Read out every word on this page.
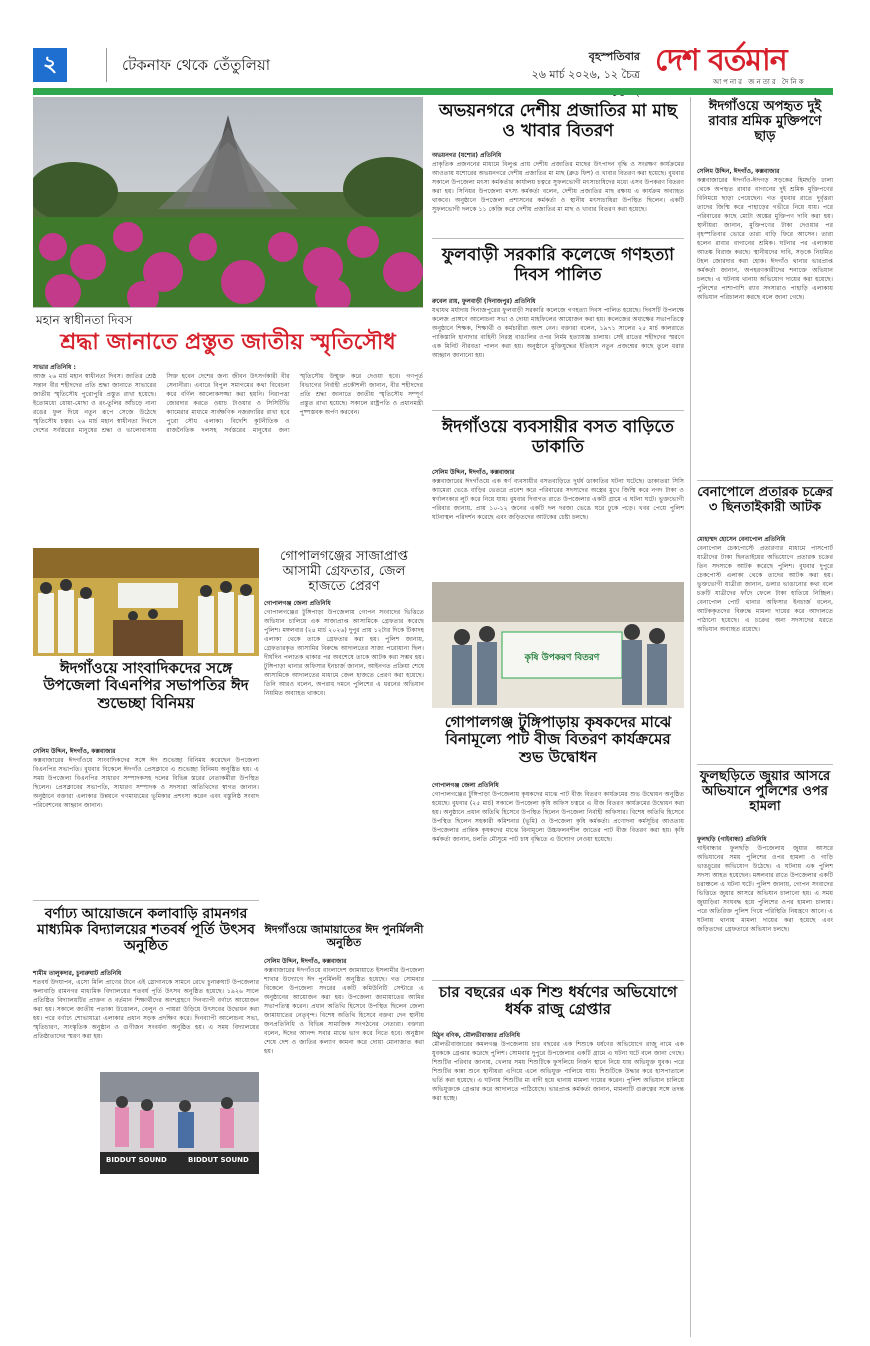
২	টেকনাফ থেকে তেঁতুলিয়া	বৃহস্পতিবার
২৬ মার্চ ২০২৬, ১২ চৈত্র দেশ বর্তমান
আপনার জনতার দৈনিক
মহান স্বাধীনতা দিবস
শ্রদ্ধা জানাতে প্রস্তুত জাতীয় স্মৃতিসৌধ
সাভার প্রতিনিধি :
আজ ২৬ মার্চ মহান স্বাধীনতা দিবস। জাতির শ্রেষ্ঠ সন্তান বীর শহীদদের প্রতি শ্রদ্ধা জানাতে সাভারের জাতীয় স্মৃতিসৌধ পুরোপুরি প্রস্তুত রাখা হয়েছে। ইতোমধ্যে ধোয়া-মোছা ও রং-তুলির আঁচড়ে নানা রঙের ফুল দিয়ে নতুন রূপে সেজে উঠেছে স্মৃতিসৌধ চত্বর। ২৬ মার্চ মহান স্বাধীনতা দিবসে দেশের সর্বস্তরের মানুষের শ্রদ্ধা ও ভালোবাসায় সিক্ত হবেন দেশের জন্য জীবন উৎসর্গকারী বীর সেনানীরা। এবারে বিপুল সমাগমের কথা বিবেচনা করে বর্ণিল আলোকসজ্জা করা হয়নি। নিরাপত্তা জোরদার করতে ওয়াচ টাওয়ার ও সিসিটিভি ক্যামেরার মাধ্যমে সার্বক্ষণিক নজরদারির রাখা হবে পুরো সৌধ এলাকা। বিদেশি কূটনীতিক ও রাজনৈতিক দলসহ সর্বস্তরের মানুষের জন্য স্মৃতিসৌধ উন্মুক্ত করে দেওয়া হবে। গণপূর্ত বিভাগের নির্বাহী প্রকৌশলী জানান, বীর শহীদদের প্রতি শ্রদ্ধা জানাতে জাতীয় স্মৃতিসৌধ সম্পূর্ণ প্রস্তুত রাখা হয়েছে। সকালে রাষ্ট্রপতি ও প্রধানমন্ত্রী পুষ্পস্তবক অর্পণ করবেন।
অভয়নগরে দেশীয় প্রজাতির মা মাছ ও খাবার বিতরণ
অভয়নগর (যশোর) প্রতিনিধি
প্রাকৃতিক প্রজননের মাধ্যমে বিলুপ্ত প্রায় দেশীয় প্রজাতির মাছের উৎপাদন বৃদ্ধি ও সংরক্ষণ কার্যক্রমের আওতায় যশোরের অভয়নগরে দেশীয় প্রজাতির মা মাছ (ব্রুড ফিশ) ও খাবার বিতরণ করা হয়েছে। বুধবার সকালে উপজেলা মৎস্য কর্মকর্তার কার্যালয় চত্বরে সুফলভোগী মৎস্যচাষিদের মধ্যে এসব উপকরণ বিতরণ করা হয়। সিনিয়র উপজেলা মৎস্য কর্মকর্তা বলেন, দেশীয় প্রজাতির মাছ রক্ষায় এ কার্যক্রম অব্যাহত থাকবে। অনুষ্ঠানে উপজেলা প্রশাসনের কর্মকর্তা ও স্থানীয় মৎস্যচাষিরা উপস্থিত ছিলেন। একটি সুফলভোগী দলকে ১১ কেজি করে দেশীয় প্রজাতির মা মাছ ও খাবার বিতরণ করা হয়েছে।
ফুলবাড়ী সরকারি কলেজে গণহত্যা দিবস পালিত
রুবেল রায়, ফুলবাড়ী (দিনাজপুর) প্রতিনিধি
যথাযথ মর্যাদায় দিনাজপুরের ফুলবাড়ী সরকারি কলেজে গণহত্যা দিবস পালিত হয়েছে। দিবসটি উপলক্ষে কলেজ প্রাঙ্গণে আলোচনা সভা ও দোয়া মাহফিলের আয়োজন করা হয়। কলেজের অধ্যক্ষের সভাপতিত্বে অনুষ্ঠানে শিক্ষক, শিক্ষার্থী ও কর্মচারীরা অংশ নেন। বক্তারা বলেন, ১৯৭১ সালের ২৫ মার্চ কালরাতে পাকিস্তানি হানাদার বাহিনী নিরস্ত্র বাঙালির ওপর নির্মম হত্যাযজ্ঞ চালায়। সেই রাতের শহীদদের স্মরণে এক মিনিট নীরবতা পালন করা হয়। অনুষ্ঠানে মুক্তিযুদ্ধের ইতিহাস নতুন প্রজন্মের কাছে তুলে ধরার আহ্বান জানানো হয়।
ঈদগাঁওয়ে ব্যবসায়ীর বসত বাড়িতে ডাকাতি
সেলিম উদ্দিন, ঈদগাঁও, কক্সবাজার
কক্সবাজারের ঈদগাঁওয়ে এক স্বর্ণ ব্যবসায়ীর বসতবাড়িতে দুর্ধর্ষ ডাকাতির ঘটনা ঘটেছে। ডাকাতরা সিসি ক্যামেরা ভেঙে বাড়ির ভেতরে প্রবেশ করে পরিবারের সদস্যদের অস্ত্রের মুখে জিম্মি করে নগদ টাকা ও স্বর্ণালংকার লুট করে নিয়ে যায়। বুধবার দিবাগত রাতে উপজেলার একটি গ্রামে এ ঘটনা ঘটে। ভুক্তভোগী পরিবার জানায়, প্রায় ১০-১২ জনের একটি দল দরজা ভেঙে ঘরে ঢুকে পড়ে। খবর পেয়ে পুলিশ ঘটনাস্থল পরিদর্শন করেছে এবং জড়িতদের আটকের চেষ্টা চলছে।
ঈদগাঁওয়ে অপহৃত দুই রাবার শ্রমিক মুক্তিপণে ছাড়
সেলিম উদ্দিন, ঈদগাঁও, কক্সবাজার
কক্সবাজারের ঈদগাঁও-ঈদগড় সড়কের হিমছড়ি ঢালা থেকে অপহৃত রাবার বাগানের দুই শ্রমিক মুক্তিপণের বিনিময়ে ছাড়া পেয়েছেন। গত বুধবার রাতে দুর্বৃত্তরা তাদের জিম্মি করে পাহাড়ের গভীরে নিয়ে যায়। পরে পরিবারের কাছে মোটা অঙ্কের মুক্তিপণ দাবি করা হয়। স্থানীয়রা জানান, মুক্তিপণের টাকা দেওয়ার পর বৃহস্পতিবার ভোরে তারা বাড়ি ফিরে আসেন। তারা হলেন রাবার বাগানের শ্রমিক। ঘটনার পর এলাকায় আতঙ্ক বিরাজ করছে। স্থানীয়দের দাবি, সড়কে নিয়মিত টহল জোরদার করা হোক। ঈদগাঁও থানার ভারপ্রাপ্ত কর্মকর্তা জানান, অপহরণকারীদের শনাক্তে অভিযান চলছে। এ ঘটনায় থানায় অভিযোগ দায়ের করা হয়েছে। পুলিশের পাশাপাশি র‍্যাব সদস্যরাও পাহাড়ি এলাকায় অভিযান পরিচালনা করছে বলে জানা গেছে।
বেনাপোলে প্রতারক চক্রের ৩ ছিনতাইকারী আটক
মোহাম্মদ হোসেন বেনাপোল প্রতিনিধি
বেনাপোল চেকপোস্টে প্রতারণার মাধ্যমে পাসপোর্ট যাত্রীদের টাকা ছিনতাইয়ের অভিযোগে প্রতারক চক্রের তিন সদস্যকে আটক করেছে পুলিশ। বুধবার দুপুরে চেকপোস্ট এলাকা থেকে তাদের আটক করা হয়। ভুক্তভোগী যাত্রীরা জানান, ডলার ভাঙানোর কথা বলে চক্রটি যাত্রীদের ফাঁদে ফেলে টাকা হাতিয়ে নিচ্ছিল। বেনাপোল পোর্ট থানার অফিসার ইনচার্জ বলেন, আটককৃতদের বিরুদ্ধে মামলা দায়ের করে আদালতে পাঠানো হয়েছে। এ চক্রের অন্য সদস্যদের ধরতে অভিযান অব্যাহত রয়েছে।
ফুলছড়িতে জুয়ার আসরে অভিযানে পুলিশের ওপর হামলা
ফুলছড়ি (গাইবান্ধা) প্রতিনিধি
গাইবান্ধার ফুলছড়ি উপজেলায় জুয়ার আসরে অভিযানের সময় পুলিশের ওপর হামলা ও গাড়ি ভাঙচুরের অভিযোগ উঠেছে। এ ঘটনায় এক পুলিশ সদস্য আহত হয়েছেন। মঙ্গলবার রাতে উপজেলার একটি চরাঞ্চলে এ ঘটনা ঘটে। পুলিশ জানায়, গোপন সংবাদের ভিত্তিতে জুয়ার আসরে অভিযান চালানো হয়। এ সময় জুয়াড়িরা সংঘবদ্ধ হয়ে পুলিশের ওপর হামলা চালায়। পরে অতিরিক্ত পুলিশ গিয়ে পরিস্থিতি নিয়ন্ত্রণে আনে। এ ঘটনায় থানায় মামলা দায়ের করা হয়েছে এবং জড়িতদের গ্রেফতারে অভিযান চলছে।
গোপালগঞ্জের সাজাপ্রাপ্ত আসামী গ্রেফতার, জেল হাজতে প্রেরণ
গোপালগঞ্জ জেলা প্রতিনিধি
গোপালগঞ্জের টুঙ্গিপাড়া উপজেলায় গোপন সংবাদের ভিত্তিতে অভিযান চালিয়ে এক সাজাপ্রাপ্ত আসামিকে গ্রেফতার করেছে পুলিশ। মঙ্গলবার (২৪ মার্চ ২০২৬) দুপুর প্রায় ১২টার দিকে টিকাদহ এলাকা থেকে তাকে গ্রেফতার করা হয়। পুলিশ জানায়, গ্রেফতারকৃত আসামির বিরুদ্ধে আদালতের সাজা পরোয়ানা ছিল। দীর্ঘদিন পলাতক থাকার পর অবশেষে তাকে আটক করা সম্ভব হয়। টুঙ্গিপাড়া থানার অফিসার ইনচার্জ জানান, আইনগত প্রক্রিয়া শেষে আসামিকে আদালতের মাধ্যমে জেল হাজতে প্রেরণ করা হয়েছে। তিনি আরও বলেন, অপরাধ দমনে পুলিশের এ ধরনের অভিযান নিয়মিত অব্যাহত থাকবে।
ঈদগাঁওয়ে সাংবাদিকদের সঙ্গে উপজেলা বিএনপির সভাপতির ঈদ শুভেচ্ছা বিনিময়
সেলিম উদ্দিন, ঈদগাঁও, কক্সবাজার
কক্সবাজারের ঈদগাঁওয়ে সাংবাদিকদের সঙ্গে ঈদ শুভেচ্ছা বিনিময় করেছেন উপজেলা বিএনপির সভাপতি। বুধবার বিকেলে ঈদগাঁও প্রেসক্লাবে এ শুভেচ্ছা বিনিময় অনুষ্ঠিত হয়। এ সময় উপজেলা বিএনপির সাধারণ সম্পাদকসহ দলের বিভিন্ন স্তরের নেতাকর্মীরা উপস্থিত ছিলেন। প্রেসক্লাবের সভাপতি, সাধারণ সম্পাদক ও সদস্যরা অতিথিদের স্বাগত জানান। অনুষ্ঠানে বক্তারা এলাকার উন্নয়নে গণমাধ্যমের ভূমিকার প্রশংসা করেন এবং বস্তুনিষ্ঠ সংবাদ পরিবেশনের আহ্বান জানান।
কৃষি উপকরণ বিতরণ
ঈদগাঁওয়ে জামায়াতের ঈদ পুনর্মিলনী অনুষ্ঠিত
সেলিম উদ্দিন, ঈদগাঁও, কক্সবাজার
কক্সবাজারের ঈদগাঁওয়ে বাংলাদেশ জামায়াতে ইসলামীর উপজেলা শাখার উদ্যোগে ঈদ পুনর্মিলনী অনুষ্ঠিত হয়েছে। গত সোমবার বিকেলে উপজেলা সদরের একটি কমিউনিটি সেন্টারে এ অনুষ্ঠানের আয়োজন করা হয়। উপজেলা জামায়াতের আমির সভাপতিত্ব করেন। প্রধান অতিথি হিসেবে উপস্থিত ছিলেন জেলা জামায়াতের নেতৃবৃন্দ। বিশেষ অতিথি হিসেবে বক্তব্য দেন স্থানীয় জনপ্রতিনিধি ও বিভিন্ন সামাজিক সংগঠনের নেতারা। বক্তারা বলেন, ঈদের আনন্দ সবার মাঝে ভাগ করে নিতে হবে। অনুষ্ঠান শেষে দেশ ও জাতির কল্যাণ কামনা করে দোয়া মোনাজাত করা হয়।
গোপালগঞ্জ টুঙ্গিপাড়ায় কৃষকদের মাঝে বিনামূল্যে পাট বীজ বিতরণ কার্যক্রমের শুভ উদ্বোধন
গোপালগঞ্জ জেলা প্রতিনিধি
গোপালগঞ্জের টুঙ্গিপাড়া উপজেলায় কৃষকদের মাঝে পাট বীজ বিতরণ কার্যক্রমের শুভ উদ্বোধন অনুষ্ঠিত হয়েছে। বুধবার (২৫ মার্চ) সকালে উপজেলা কৃষি অফিস চত্বরে এ বীজ বিতরণ কার্যক্রমের উদ্বোধন করা হয়। অনুষ্ঠানে প্রধান অতিথি হিসেবে উপস্থিত ছিলেন উপজেলা নির্বাহী অফিসার। বিশেষ অতিথি হিসেবে উপস্থিত ছিলেন সহকারী কমিশনার (ভূমি) ও উপজেলা কৃষি কর্মকর্তা। প্রণোদনা কর্মসূচির আওতায় উপজেলার প্রান্তিক কৃষকদের মাঝে বিনামূল্যে উচ্চফলনশীল জাতের পাট বীজ বিতরণ করা হয়। কৃষি কর্মকর্তা জানান, চলতি মৌসুমে পাট চাষ বৃদ্ধিতে এ উদ্যোগ নেওয়া হয়েছে।
চার বছরের এক শিশু ধর্ষণের অভিযোগে ধর্ষক রাজু গ্রেপ্তার
মিঠুন বণিক, মৌলভীবাজার প্রতিনিধি
মৌলভীবাজারের কমলগঞ্জ উপজেলায় চার বছরের এক শিশুকে ধর্ষণের অভিযোগে রাজু নামে এক যুবককে গ্রেপ্তার করেছে পুলিশ। সোমবার দুপুরে উপজেলার একটি গ্রামে এ ঘটনা ঘটে বলে জানা গেছে। শিশুটির পরিবার জানায়, খেলার সময় শিশুটিকে ফুসলিয়ে নির্জন স্থানে নিয়ে যায় অভিযুক্ত যুবক। পরে শিশুটির কান্না শুনে স্থানীয়রা এগিয়ে এলে অভিযুক্ত পালিয়ে যায়। শিশুটিকে উদ্ধার করে হাসপাতালে ভর্তি করা হয়েছে। এ ঘটনায় শিশুটির মা বাদী হয়ে থানায় মামলা দায়ের করেন। পুলিশ অভিযান চালিয়ে অভিযুক্তকে গ্রেপ্তার করে আদালতে পাঠিয়েছে। ভারপ্রাপ্ত কর্মকর্তা জানান, মামলাটি গুরুত্বের সঙ্গে তদন্ত করা হচ্ছে।
বর্ণাঢ্য আয়োজনে কলাবাড়ি রামনগর মাধ্যমিক বিদ্যালয়ের শতবর্ষ পূর্তি উৎসব অনুষ্ঠিত
শামীম তালুকদার, চুনারুঘাট প্রতিনিধি
শতবর্ষ উদযাপন, এসো মিলি প্রাণের টানে এই স্লোগানকে সামনে রেখে চুনারুঘাট উপজেলার কলাবাড়ি রামনগর মাধ্যমিক বিদ্যালয়ের শতবর্ষ পূর্তি উৎসব অনুষ্ঠিত হয়েছে। ১৯২৬ সালে প্রতিষ্ঠিত বিদ্যালয়টির প্রাক্তন ও বর্তমান শিক্ষার্থীদের অংশগ্রহণে দিনব্যাপী বর্ণাঢ্য আয়োজন করা হয়। সকালে জাতীয় পতাকা উত্তোলন, বেলুন ও পায়রা উড়িয়ে উৎসবের উদ্বোধন করা হয়। পরে বর্ণাঢ্য শোভাযাত্রা এলাকার প্রধান সড়ক প্রদক্ষিণ করে। দিনব্যাপী আলোচনা সভা, স্মৃতিচারণ, সাংস্কৃতিক অনুষ্ঠান ও গুণীজন সংবর্ধনা অনুষ্ঠিত হয়। এ সময় বিদ্যালয়ের প্রতিষ্ঠাতাদের স্মরণ করা হয়।
BIDDUT SOUND	BIDDUT SOUND
